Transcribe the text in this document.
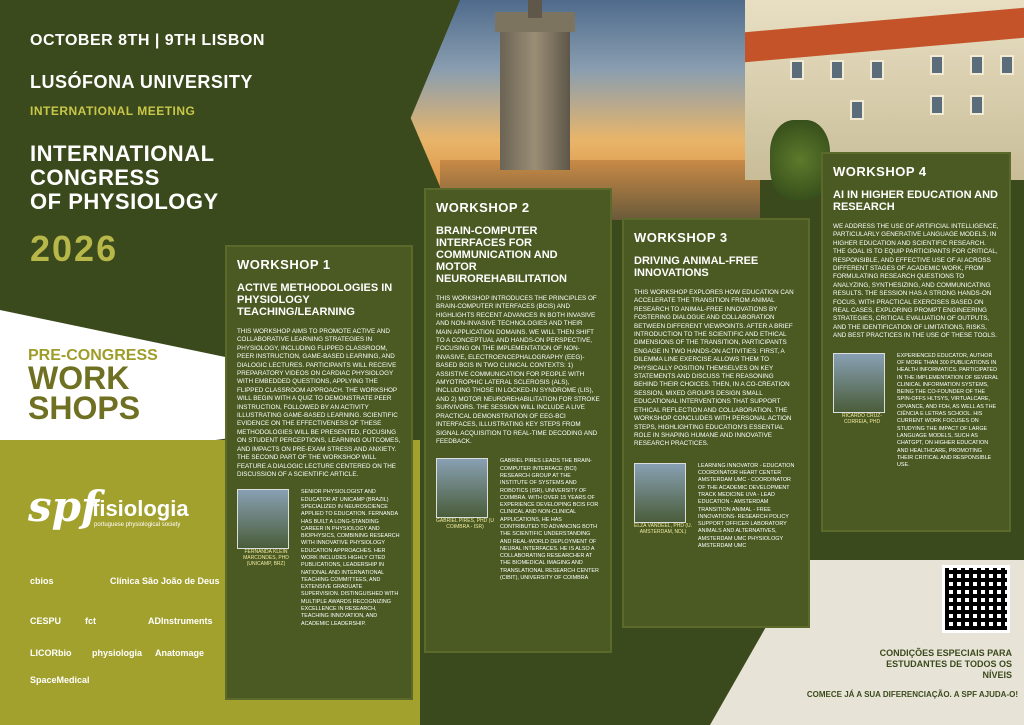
OCTOBER 8TH | 9TH LISBON
LUSÓFONA UNIVERSITY
INTERNATIONAL MEETING
INTERNATIONAL
CONGRESS
OF PHYSIOLOGY
2026
PRE-CONGRESS
WORK
SHOPS
WORKSHOP 1
ACTIVE METHODOLOGIES IN PHYSIOLOGY TEACHING/LEARNING
THIS WORKSHOP AIMS TO PROMOTE ACTIVE AND COLLABORATIVE LEARNING STRATEGIES IN PHYSIOLOGY, INCLUDING FLIPPED CLASSROOM, PEER INSTRUCTION, GAME-BASED LEARNING, AND DIALOGIC LECTURES. PARTICIPANTS WILL RECEIVE PREPARATORY VIDEOS ON CARDIAC PHYSIOLOGY WITH EMBEDDED QUESTIONS, APPLYING THE FLIPPED CLASSROOM APPROACH. THE WORKSHOP WILL BEGIN WITH A QUIZ TO DEMONSTRATE PEER INSTRUCTION, FOLLOWED BY AN ACTIVITY ILLUSTRATING GAME-BASED LEARNING. SCIENTIFIC EVIDENCE ON THE EFFECTIVENESS OF THESE METHODOLOGIES WILL BE PRESENTED, FOCUSING ON STUDENT PERCEPTIONS, LEARNING OUTCOMES, AND IMPACTS ON PRE-EXAM STRESS AND ANXIETY. THE SECOND PART OF THE WORKSHOP WILL FEATURE A DIALOGIC LECTURE CENTERED ON THE DISCUSSION OF A SCIENTIFIC ARTICLE.
FERNANDA KLEIN MARCONDES, PHD (UNICAMP, BRZ)
SENIOR PHYSIOLOGIST AND EDUCATOR AT UNICAMP (BRAZIL) SPECIALIZED IN NEUROSCIENCE APPLIED TO EDUCATION. FERNANDA HAS BUILT A LONG-STANDING CAREER IN PHYSIOLOGY AND BIOPHYSICS, COMBINING RESEARCH WITH INNOVATIVE PHYSIOLOGY EDUCATION APPROACHES. HER WORK INCLUDES HIGHLY CITED PUBLICATIONS, LEADERSHIP IN NATIONAL AND INTERNATIONAL TEACHING COMMITTEES, AND EXTENSIVE GRADUATE SUPERVISION. DISTINGUISHED WITH MULTIPLE AWARDS RECOGNIZING EXCELLENCE IN RESEARCH, TEACHING INNOVATION, AND ACADEMIC LEADERSHIP.
WORKSHOP 2
BRAIN-COMPUTER INTERFACES FOR COMMUNICATION AND MOTOR NEUROREHABILITATION
THIS WORKSHOP INTRODUCES THE PRINCIPLES OF BRAIN-COMPUTER INTERFACES (BCIS) AND HIGHLIGHTS RECENT ADVANCES IN BOTH INVASIVE AND NON-INVASIVE TECHNOLOGIES AND THEIR MAIN APPLICATION DOMAINS. WE WILL THEN SHIFT TO A CONCEPTUAL AND HANDS-ON PERSPECTIVE, FOCUSING ON THE IMPLEMENTATION OF NON-INVASIVE, ELECTROENCEPHALOGRAPHY (EEG)-BASED BCIS IN TWO CLINICAL CONTEXTS: 1) ASSISTIVE COMMUNICATION FOR PEOPLE WITH AMYOTROPHIC LATERAL SCLEROSIS (ALS), INCLUDING THOSE IN LOCKED-IN SYNDROME (LIS), AND 2) MOTOR NEUROREHABILITATION FOR STROKE SURVIVORS. THE SESSION WILL INCLUDE A LIVE PRACTICAL DEMONSTRATION OF EEG-BCI INTERFACES, ILLUSTRATING KEY STEPS FROM SIGNAL ACQUISITION TO REAL-TIME DECODING AND FEEDBACK.
GABRIEL PIRES, PHD (U COIMBRA - ISR)
GABRIEL PIRES LEADS THE BRAIN-COMPUTER INTERFACE (BCI) RESEARCH GROUP AT THE INSTITUTE OF SYSTEMS AND ROBOTICS (ISR), UNIVERSITY OF COIMBRA. WITH OVER 15 YEARS OF EXPERIENCE DEVELOPING BCIS FOR CLINICAL AND NON-CLINICAL APPLICATIONS, HE HAS CONTRIBUTED TO ADVANCING BOTH THE SCIENTIFIC UNDERSTANDING AND REAL-WORLD DEPLOYMENT OF NEURAL INTERFACES. HE IS ALSO A COLLABORATING RESEARCHER AT THE BIOMEDICAL IMAGING AND TRANSLATIONAL RESEARCH CENTER (CIBIT), UNIVERSITY OF COIMBRA
WORKSHOP 3
DRIVING ANIMAL-FREE INNOVATIONS
THIS WORKSHOP EXPLORES HOW EDUCATION CAN ACCELERATE THE TRANSITION FROM ANIMAL RESEARCH TO ANIMAL-FREE INNOVATIONS BY FOSTERING DIALOGUE AND COLLABORATION BETWEEN DIFFERENT VIEWPOINTS. AFTER A BRIEF INTRODUCTION TO THE SCIENTIFIC AND ETHICAL DIMENSIONS OF THE TRANSITION, PARTICIPANTS ENGAGE IN TWO HANDS-ON ACTIVITIES: FIRST, A DILEMMA LINE EXERCISE ALLOWS THEM TO PHYSICALLY POSITION THEMSELVES ON KEY STATEMENTS AND DISCUSS THE REASONING BEHIND THEIR CHOICES. THEN, IN A CO-CREATION SESSION, MIXED GROUPS DESIGN SMALL EDUCATIONAL INTERVENTIONS THAT SUPPORT ETHICAL REFLECTION AND COLLABORATION. THE WORKSHOP CONCLUDES WITH PERSONAL ACTION STEPS, HIGHLIGHTING EDUCATION'S ESSENTIAL ROLE IN SHAPING HUMANE AND INNOVATIVE RESEARCH PRACTICES.
ELZA VANDEEL, PHD (U. AMSTERDAM, NDL)
LEARNING INNOVATOR - EDUCATION COORDINATOR HEART CENTER AMSTERDAM UMC - COORDINATOR OF THE ACADEMIC DEVELOPMENT TRACK MEDICINE UVA - LEAD EDUCATION - AMSTERDAM TRANSITION ANIMAL - FREE INNOVATIONS- RESEARCH POLICY SUPPORT OFFICER LABORATORY ANIMALS AND ALTERNATIVES, AMSTERDAM UMC PHYSIOLOGY AMSTERDAM UMC
WORKSHOP 4
AI IN HIGHER EDUCATION AND RESEARCH
WE ADDRESS THE USE OF ARTIFICIAL INTELLIGENCE, PARTICULARLY GENERATIVE LANGUAGE MODELS, IN HIGHER EDUCATION AND SCIENTIFIC RESEARCH. THE GOAL IS TO EQUIP PARTICIPANTS FOR CRITICAL, RESPONSIBLE, AND EFFECTIVE USE OF AI ACROSS DIFFERENT STAGES OF ACADEMIC WORK, FROM FORMULATING RESEARCH QUESTIONS TO ANALYZING, SYNTHESIZING, AND COMMUNICATING RESULTS. THE SESSION HAS A STRONG HANDS-ON FOCUS, WITH PRACTICAL EXERCISES BASED ON REAL CASES, EXPLORING PROMPT ENGINEERING STRATEGIES, CRITICAL EVALUATION OF OUTPUTS, AND THE IDENTIFICATION OF LIMITATIONS, RISKS, AND BEST PRACTICES IN THE USE OF THESE TOOLS.
RICARDO CRUZ-CORREIA, PHD
EXPERIENCED EDUCATOR, AUTHOR OF MORE THAN 300 PUBLICATIONS IN HEALTH INFORMATICS. PARTICIPATED IN THE IMPLEMENTATION OF SEVERAL CLINICAL INFORMATION SYSTEMS, BEING THE CO-FOUNDER OF THE SPIN-OFFS HLTSYS, VIRTUALCARE, OPVANCE, AND FDH, AS WELL AS THE CIÊNCIA E LETRAS SCHOOL. HIS CURRENT WORK FOCUSES ON STUDYING THE IMPACT OF LARGE LANGUAGE MODELS, SUCH AS CHATGPT, ON HIGHER EDUCATION AND HEALTHCARE, PROMOTING THEIR CRITICAL AND RESPONSIBLE USE.
spf
fisiologia
portuguese physiological society
cbios	Clínica São João de Deus
CESPU	fct	ADInstruments
LICORbio physiologia Anatomage
SpaceMedical
CONDIÇÕES ESPECIAIS PARA ESTUDANTES DE TODOS OS NÍVEIS
COMECE JÁ A SUA DIFERENCIAÇÃO. A SPF AJUDA-O!
